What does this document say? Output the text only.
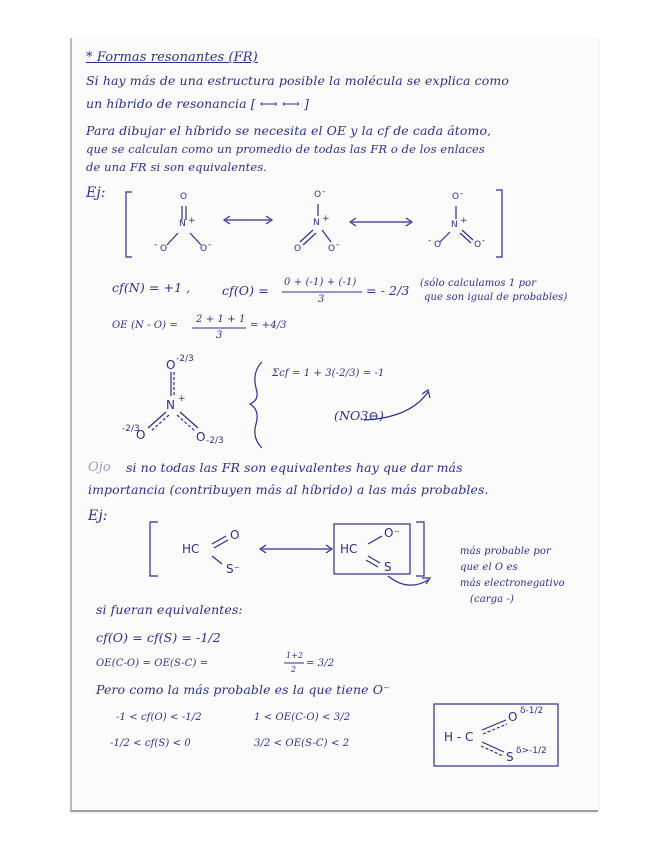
* Formas resonantes (FR)
Si hay más de una estructura posible la molécula se explica como
un híbrido de resonancia [ ⟷ ⟷ ]
Para dibujar el híbrido se necesita el OE y la cf de cada átomo,
que se calculan como un promedio de todas las FR o de los enlaces
de una FR si son equivalentes.
Ej:	O
N +
O
-	O -
O -
N +
O	O -
O -
N +
O
-	O -
cf(N) = +1 ,	cf(O) =
0 + (-1) + (-1)
3
= - 2/3 (sólo calculamos 1 por
que son igual de probables)
OE (N - O) =
2 + 1 + 1
3
= +4/3
O -2/3
N +
O
-2/3
O -2/3
Σcf = 1 + 3(-2/3) = -1
(NO3⊖)
Ojo si no todas las FR son equivalentes hay que dar más
importancia (contribuyen más al híbrido) a las más probables.
Ej:
HC
O
S⁻
HC
O⁻
S
más probable por
que el O es
más electronegativo
(carga -)
si fueran equivalentes:
cf(O) = cf(S) = -1/2
OE(C-O) = OE(S-C) =
1+2
2
= 3/2
Pero como la más probable es la que tiene O⁻
-1 < cf(O) < -1/2	1 < OE(C-O) < 3/2
-1/2 < cf(S) < 0	3/2 < OE(S-C) < 2	H - C
O δ-1/2
S δ>-1/2
